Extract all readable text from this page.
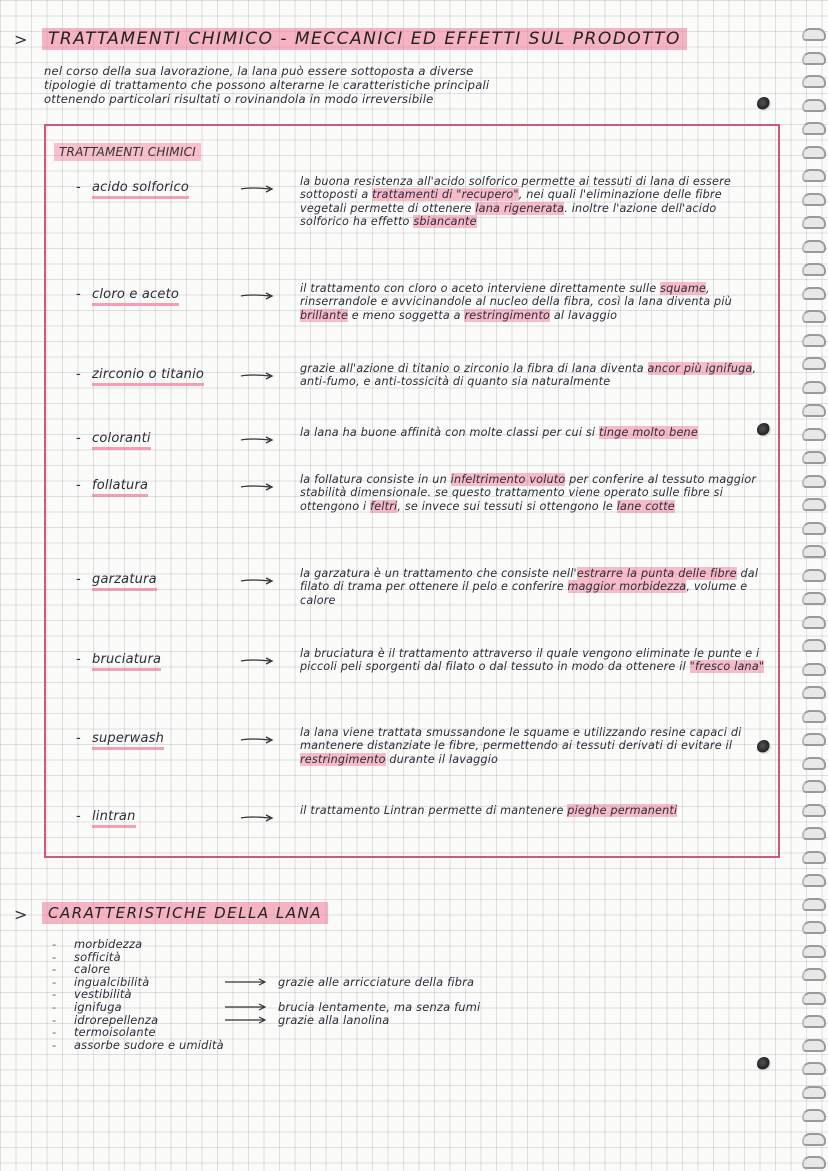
>	TRATTAMENTI CHIMICO - MECCANICI ED EFFETTI SUL PRODOTTO
nel corso della sua lavorazione, la lana può essere sottoposta a diverse
tipologie di trattamento che possono alterarne le caratteristiche principali
ottenendo particolari risultati o rovinandola in modo irreversibile
TRATTAMENTI CHIMICI
- acido solforico	la buona resistenza all'acido solforico permette ai tessuti di lana di essere sottoposti a trattamenti di "recupero", nei quali l'eliminazione delle fibre vegetali permette di ottenere lana rigenerata. inoltre l'azione dell'acido solforico ha effetto sbiancante
- cloro e aceto	il trattamento con cloro o aceto interviene direttamente sulle squame, rinserrandole e avvicinandole al nucleo della fibra, così la lana diventa più brillante e meno soggetta a restringimento al lavaggio
- zirconio o titanio	grazie all'azione di titanio o zirconio la fibra di lana diventa ancor più ignifuga, anti-fumo, e anti-tossicità di quanto sia naturalmente
- coloranti	la lana ha buone affinità con molte classi per cui si tinge molto bene
- follatura	la follatura consiste in un infeltrimento voluto per conferire al tessuto maggior stabilità dimensionale. se questo trattamento viene operato sulle fibre si ottengono i feltri, se invece sui tessuti si ottengono le lane cotte
- garzatura	la garzatura è un trattamento che consiste nell'estrarre la punta delle fibre dal filato di trama per ottenere il pelo e conferire maggior morbidezza, volume e calore
- bruciatura	la bruciatura è il trattamento attraverso il quale vengono eliminate le punte e i piccoli peli sporgenti dal filato o dal tessuto in modo da ottenere il "fresco lana"
- superwash	la lana viene trattata smussandone le squame e utilizzando resine capaci di mantenere distanziate le fibre, permettendo ai tessuti derivati di evitare il restringimento durante il lavaggio
- lintran	il trattamento Lintran permette di mantenere pieghe permanenti
>	CARATTERISTICHE DELLA LANA
-	morbidezza
-	sofficità
-	calore
-	ingualcibilità	grazie alle arricciature della fibra
-	vestibilità
-	ignifuga	brucia lentamente, ma senza fumi
-	idrorepellenza	grazie alla lanolina
-	termoisolante
-	assorbe sudore e umidità
